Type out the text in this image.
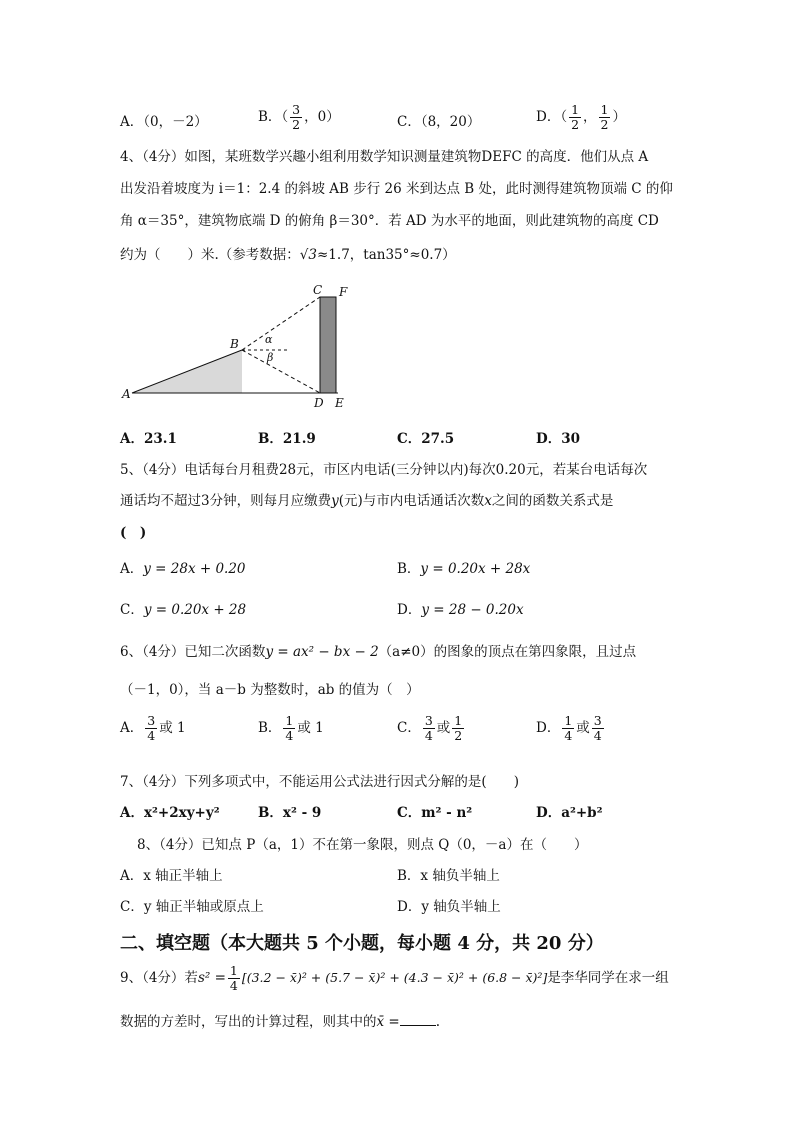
A．（0，－2）	B．（ $\frac{3}{2}$ ，0）	C．（8，20）	D．（ $\frac{1}{2}$ ， $\frac{1}{2}$ ）
4、（4分）如图，某班数学兴趣小组利用数学知识测量建筑物DEFC 的高度．他们从点 A
出发沿着坡度为 i＝1：2.4 的斜坡 AB 步行 26 米到达点 B 处，此时测得建筑物顶端 C 的仰
角 α＝35°，建筑物底端 D 的俯角 β＝30°．若 AD 为水平的地面，则此建筑物的高度 CD
约为（　　）米.（参考数据：√3≈1.7，tan35°≈0.7）
A
B
C F
D E
α
β
A．23.1	B．21.9	C．27.5	D．30
5、（4分）电话每台月租费28元，市区内电话(三分钟以内)每次0.20元，若某台电话每次
通话均不超过3分钟，则每月应缴费y(元)与市内电话通话次数x之间的函数关系式是
(　)
A．y = 28x + 0.20	B．y = 0.20x + 28x
C．y = 0.20x + 28	D．y = 28 − 0.20x
6、（4分）已知二次函数y = ax² − bx − 2（a≠0）的图象的顶点在第四象限，且过点
（－1，0），当 a－b 为整数时，ab 的值为（　）
A． $\frac{3}{4}$ 或 1	B． $\frac{1}{4}$ 或 1	C． $\frac{3}{4}$ 或 $\frac{1}{2}$	D． $\frac{1}{4}$ 或 $\frac{3}{4}$
7、（4分）下列多项式中，不能运用公式法进行因式分解的是(　　)
A．x²+2xy+y²	B．x² - 9	C．m² - n²	D．a²+b²
8、（4分）已知点 P（a，1）不在第一象限，则点 Q（0，－a）在（　　）
A．x 轴正半轴上	B．x 轴负半轴上
C．y 轴正半轴或原点上	D．y 轴负半轴上
二、填空题（本大题共 5 个小题，每小题 4 分，共 20 分）
9、（4分）若$s^2 = \frac{1}{4} [(3.2$ − x̄)² + (5.7 − x̄)² + (4.3 − x̄)² + (6.8 − x̄)²]是李华同学在求一组
数据的方差时，写出的计算过程，则其中的x̄ =	.
